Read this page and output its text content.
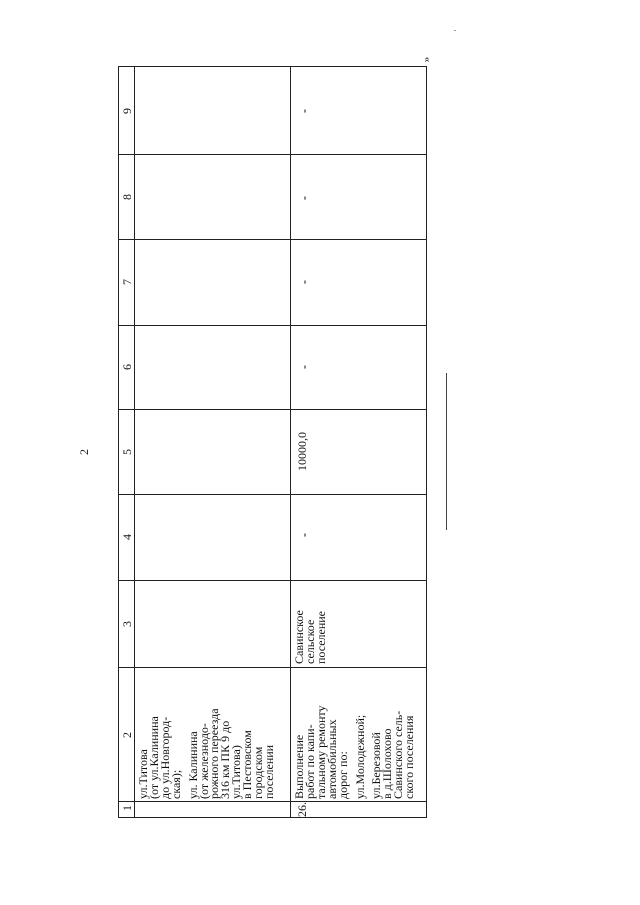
2
»
1
2
3
4
5
6
7
8
9
ул.Титова
(от ул.Калинина
до ул.Новгород-
ская); ул. Калинина
(от железнодо-
рожного переезда
316 км ПК 9 до
ул.Титова)
в Пестовском
городском
поселении
26.
Выполнение
работ по капи-
тальному ремонту
автомобильных
дорог по: ул.Молодежной; ул.Березовой
в д.Шолохово
Савинского сель-
ского поселения
Савинское
сельское
поселение
-
10000,0
-
-
-
-
